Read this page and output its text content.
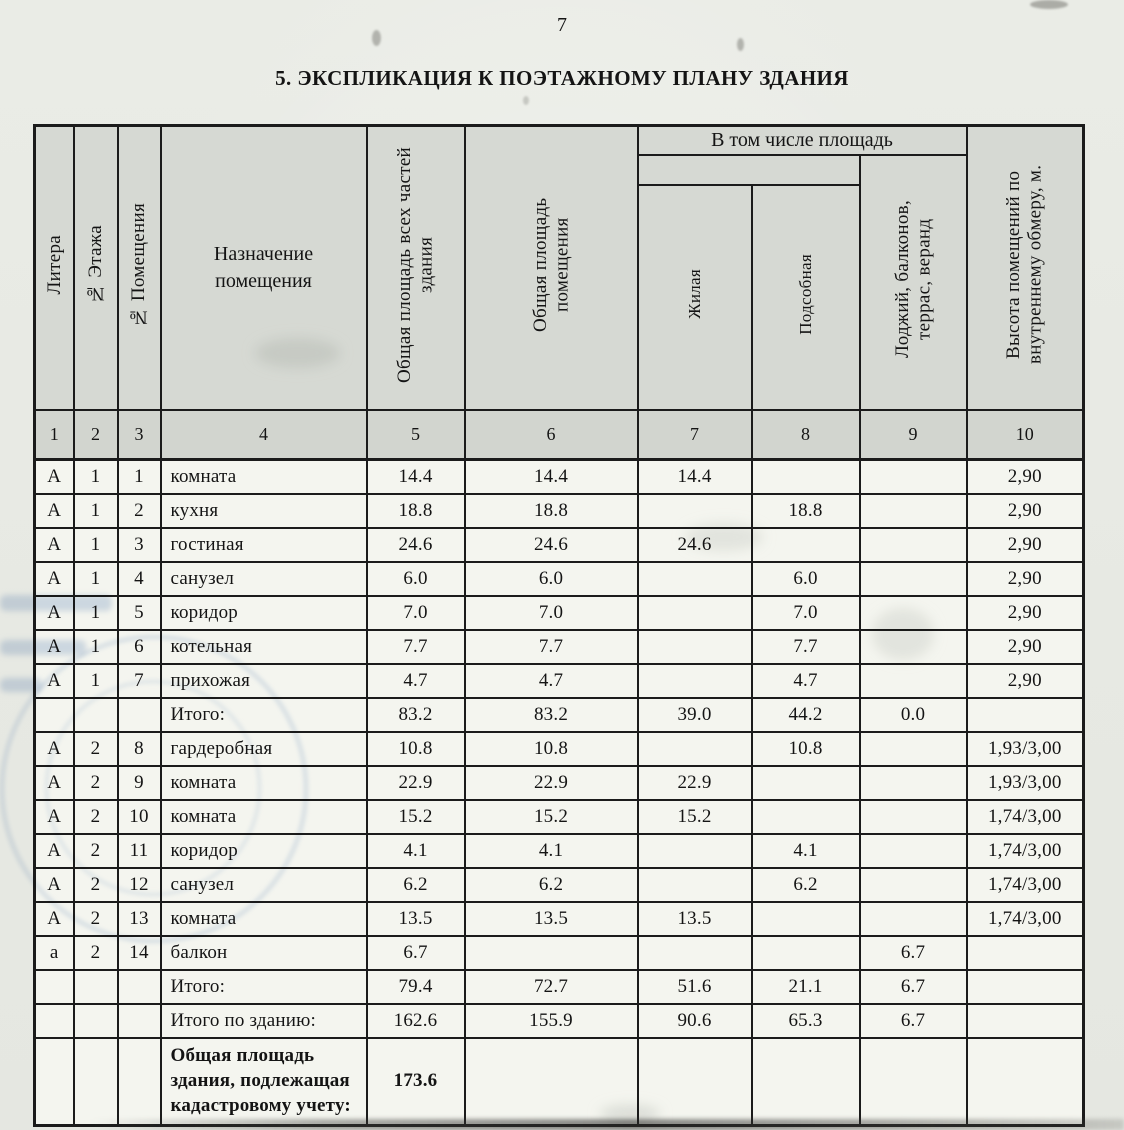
7
5. ЭКСПЛИКАЦИЯ К ПОЭТАЖНОМУ ПЛАНУ ЗДАНИЯ
Литера	№ Этажа	№ Помещения	Назначение помещения	Общая площадь всех частей здания	Общая площадь помещения	В том числе площадь			Высота помещений по внутреннему обмеру, м.
								Лоджий, балконов, террас, веранд	
						Жилая	Подсобная		
1	2	3	4	5	6	7	8	9	10
А	1	1	комната	14.4	14.4	14.4			2,90
А	1	2	кухня	18.8	18.8		18.8		2,90
А	1	3	гостиная	24.6	24.6	24.6			2,90
А	1	4	санузел	6.0	6.0		6.0		2,90
А	1	5	коридор	7.0	7.0		7.0		2,90
А	1	6	котельная	7.7	7.7		7.7		2,90
А	1	7	прихожая	4.7	4.7		4.7		2,90
			Итого:	83.2	83.2	39.0	44.2	0.0	
А	2	8	гардеробная	10.8	10.8		10.8		1,93/3,00
А	2	9	комната	22.9	22.9	22.9			1,93/3,00
А	2	10	комната	15.2	15.2	15.2			1,74/3,00
А	2	11	коридор	4.1	4.1		4.1		1,74/3,00
А	2	12	санузел	6.2	6.2		6.2		1,74/3,00
А	2	13	комната	13.5	13.5	13.5			1,74/3,00
а	2	14	балкон	6.7				6.7	
			Итого:	79.4	72.7	51.6	21.1	6.7	
			Итого по зданию:	162.6	155.9	90.6	65.3	6.7	
			Общая площадь здания, подлежащая кадастровому учету:	173.6					
